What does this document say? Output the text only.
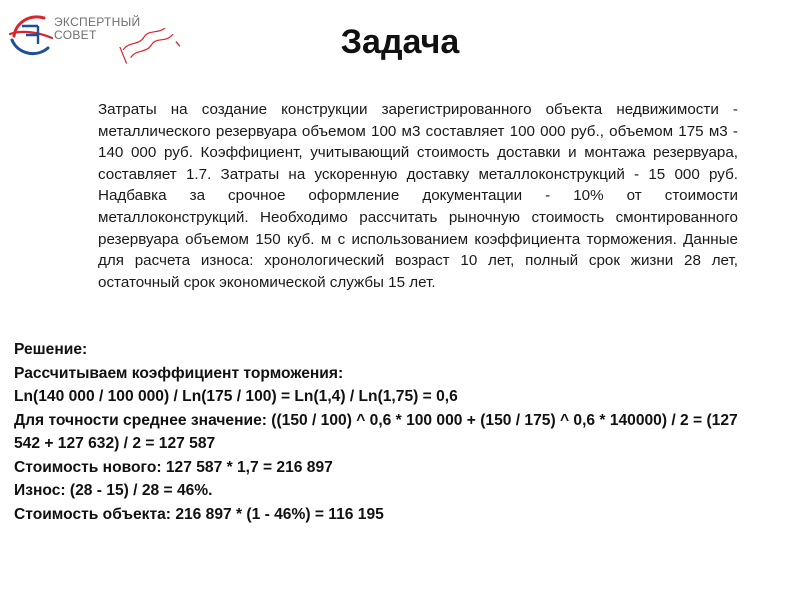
ЭКСПЕРТНЫЙ
СОВЕТ	Задача
Затраты на создание конструкции зарегистрированного объекта недвижимости - металлического резервуара объемом 100 м3 составляет 100 000 руб., объемом 175 м3 - 140 000 руб. Коэффициент, учитывающий стоимость доставки и монтажа резервуара, составляет 1.7. Затраты на ускоренную доставку металлоконструкций - 15 000 руб. Надбавка за срочное оформление документации - 10% от стоимости металлоконструкций. Необходимо рассчитать рыночную стоимость смонтированного резервуара объемом 150 куб. м с использованием коэффициента торможения. Данные для расчета износа: хронологический возраст 10 лет, полный срок жизни 28 лет, остаточный срок экономической службы 15 лет.
Решение:
Рассчитываем коэффициент торможения:
Ln(140 000 / 100 000) / Ln(175 / 100) = Ln(1,4) / Ln(1,75) = 0,6
Для точности среднее значение: ((150 / 100) ^ 0,6 * 100 000 + (150 / 175) ^ 0,6 * 140000) / 2 = (127 542 + 127 632) / 2 = 127 587
Стоимость нового: 127 587 * 1,7 = 216 897
Износ: (28 - 15) / 28 = 46%.
Стоимость объекта: 216 897 * (1 - 46%) = 116 195
